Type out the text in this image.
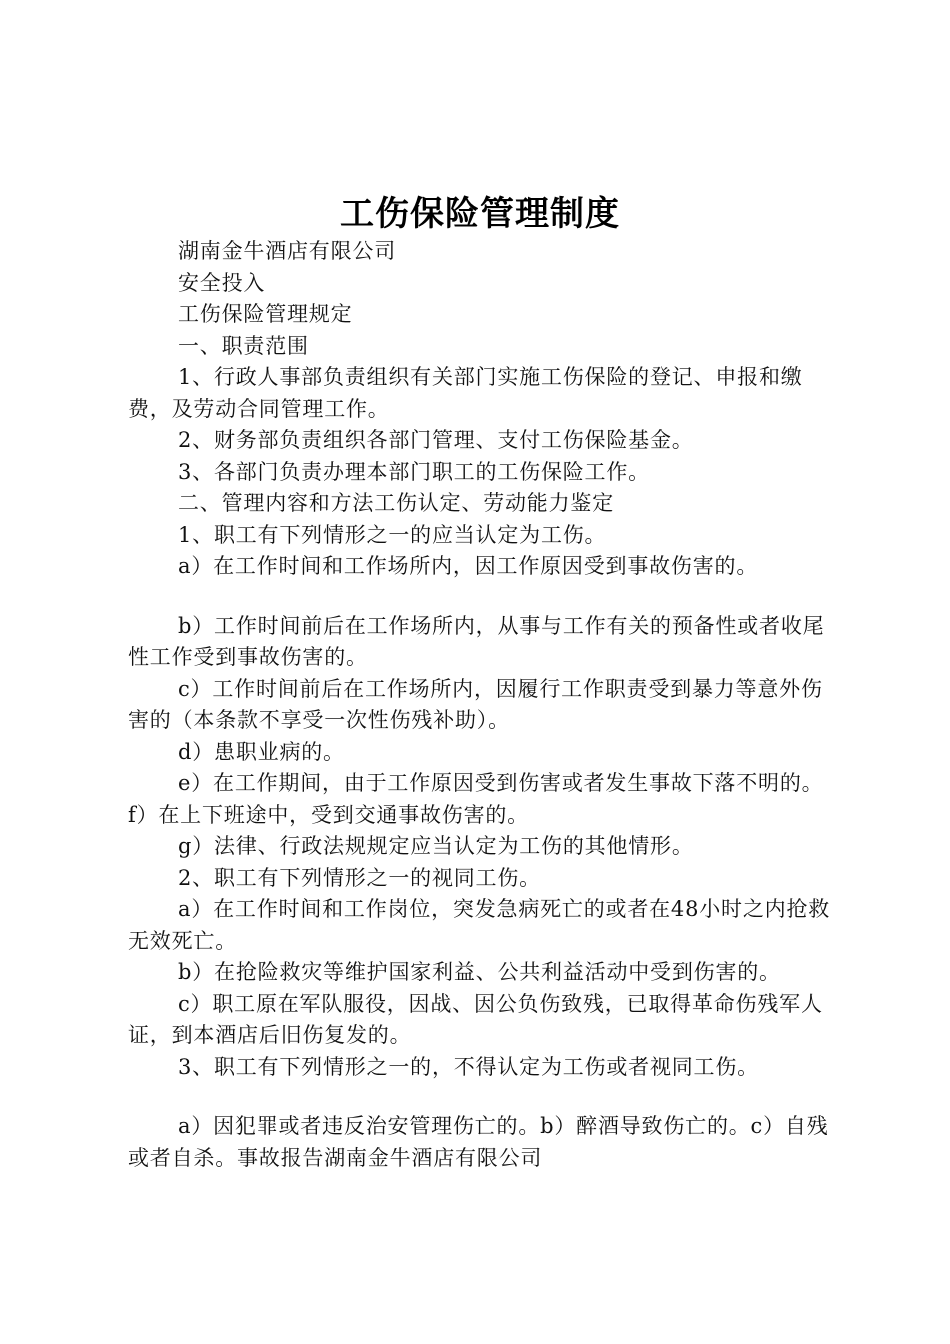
工伤保险管理制度

湖南金牛酒店有限公司

安全投入

工伤保险管理规定

一、职责范围

1、行政人事部负责组织有关部门实施工伤保险的登记、申报和缴费，及劳动合同管理工作。

2、财务部负责组织各部门管理、支付工伤保险基金。

3、各部门负责办理本部门职工的工伤保险工作。

二、管理内容和方法工伤认定、劳动能力鉴定

1、职工有下列情形之一的应当认定为工伤。

a）在工作时间和工作场所内，因工作原因受到事故伤害的。

b）工作时间前后在工作场所内，从事与工作有关的预备性或者收尾性工作受到事故伤害的。

c）工作时间前后在工作场所内，因履行工作职责受到暴力等意外伤害的（本条款不享受一次性伤残补助）。

d）患职业病的。

e）在工作期间，由于工作原因受到伤害或者发生事故下落不明的。f）在上下班途中，受到交通事故伤害的。

g）法律、行政法规规定应当认定为工伤的其他情形。

2、职工有下列情形之一的视同工伤。

a）在工作时间和工作岗位，突发急病死亡的或者在48小时之内抢救无效死亡。

b）在抢险救灾等维护国家利益、公共利益活动中受到伤害的。

c）职工原在军队服役，因战、因公负伤致残，已取得革命伤残军人证，到本酒店后旧伤复发的。

3、职工有下列情形之一的，不得认定为工伤或者视同工伤。

a）因犯罪或者违反治安管理伤亡的。b）醉酒导致伤亡的。c）自残或者自杀。事故报告湖南金牛酒店有限公司
